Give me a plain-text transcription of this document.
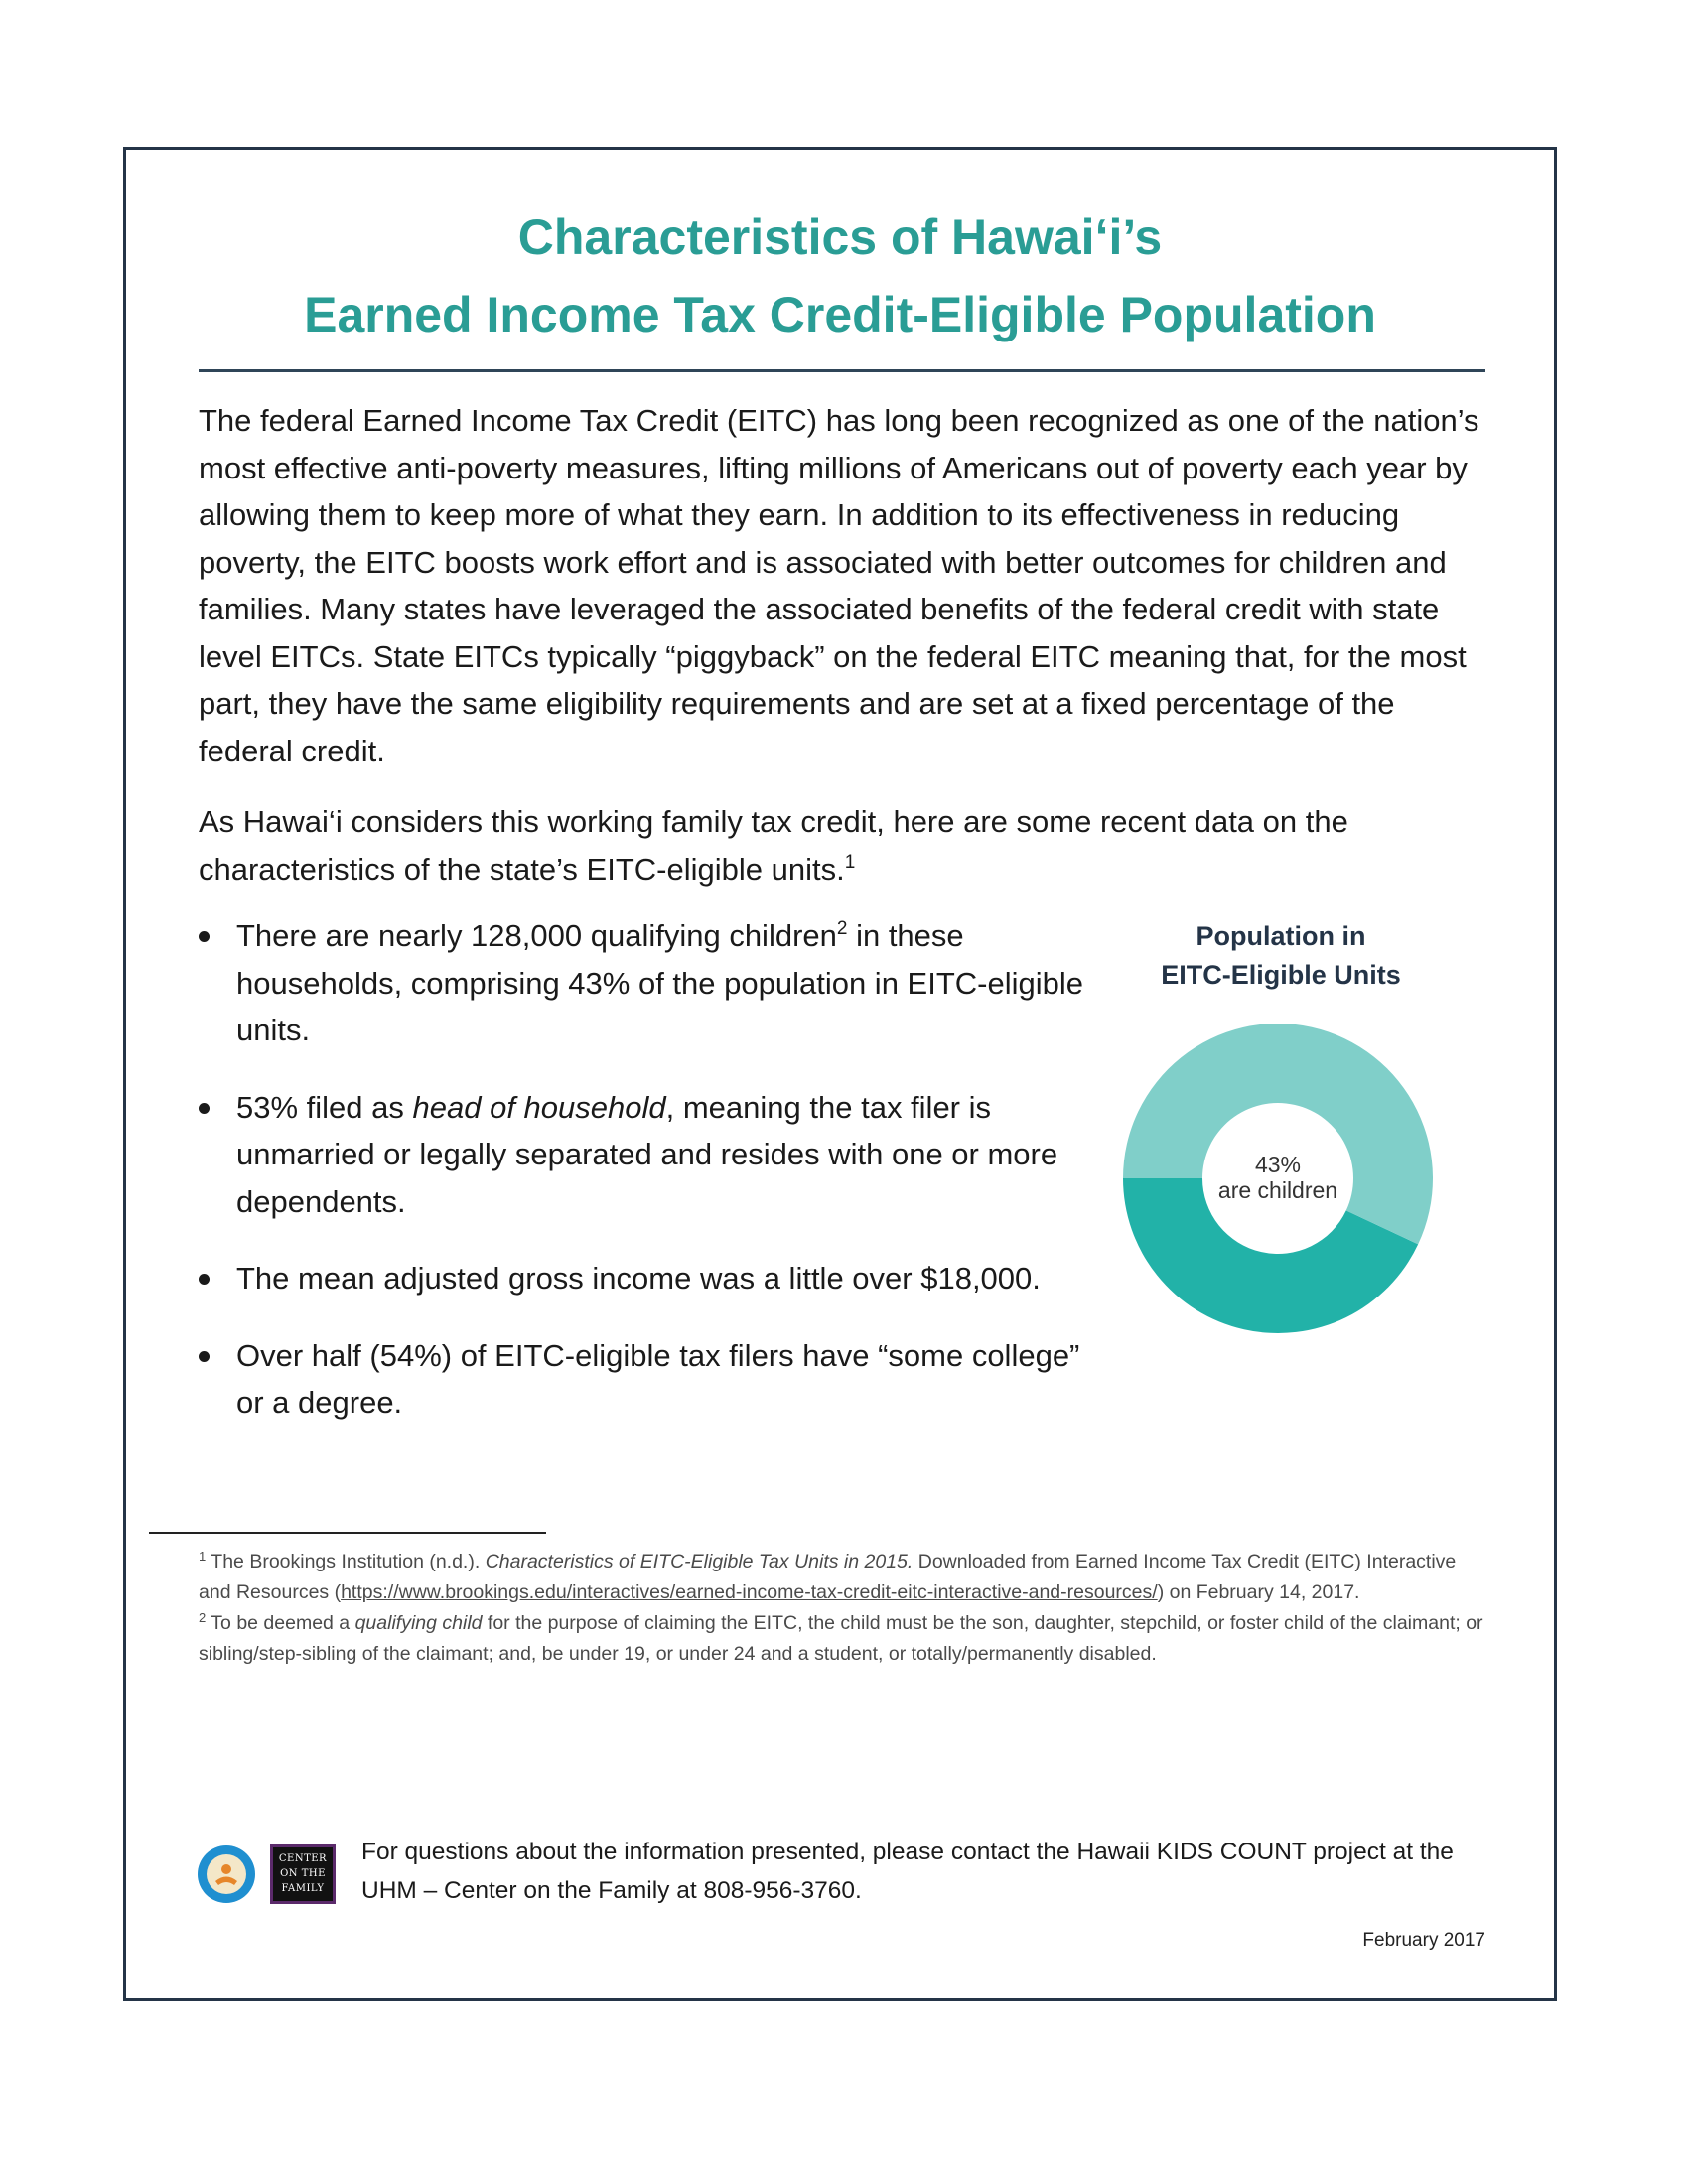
Characteristics of Hawai‘i’s
Earned Income Tax Credit-Eligible Population

The federal Earned Income Tax Credit (EITC) has long been recognized as one of the nation’s most effective anti-poverty measures, lifting millions of Americans out of poverty each year by allowing them to keep more of what they earn. In addition to its effectiveness in reducing poverty, the EITC boosts work effort and is associated with better outcomes for children and families. Many states have leveraged the associated benefits of the federal credit with state level EITCs. State EITCs typically “piggyback” on the federal EITC meaning that, for the most part, they have the same eligibility requirements and are set at a fixed percentage of the federal credit.

As Hawai‘i considers this working family tax credit, here are some recent data on the characteristics of the state’s EITC-eligible units.$^1$

There are nearly 128,000 qualifying children$^2$ in these households, comprising 43% of the population in EITC-eligible units.
53% filed as head of household, meaning the tax filer is unmarried or legally separated and resides with one or more dependents.
The mean adjusted gross income was a little over $18,000.
Over half (54%) of EITC-eligible tax filers have “some college” or a degree.
Population in
EITC-Eligible Units
43%
are children

$^1$ The Brookings Institution (n.d.). Characteristics of EITC-Eligible Tax Units in 2015. Downloaded from Earned Income Tax Credit (EITC) Interactive and Resources (https://www.brookings.edu/interactives/earned-income-tax-credit-eitc-interactive-and-resources/) on February 14, 2017.

$^2$ To be deemed a qualifying child for the purpose of claiming the EITC, the child must be the son, daughter, stepchild, or foster child of the claimant; or sibling/step-sibling of the claimant; and, be under 19, or under 24 and a student, or totally/permanently disabled.

CENTER
ON THE
FAMILY
For questions about the information presented, please contact the Hawaii KIDS COUNT project at the UHM – Center on the Family at 808-956-3760.
February 2017
